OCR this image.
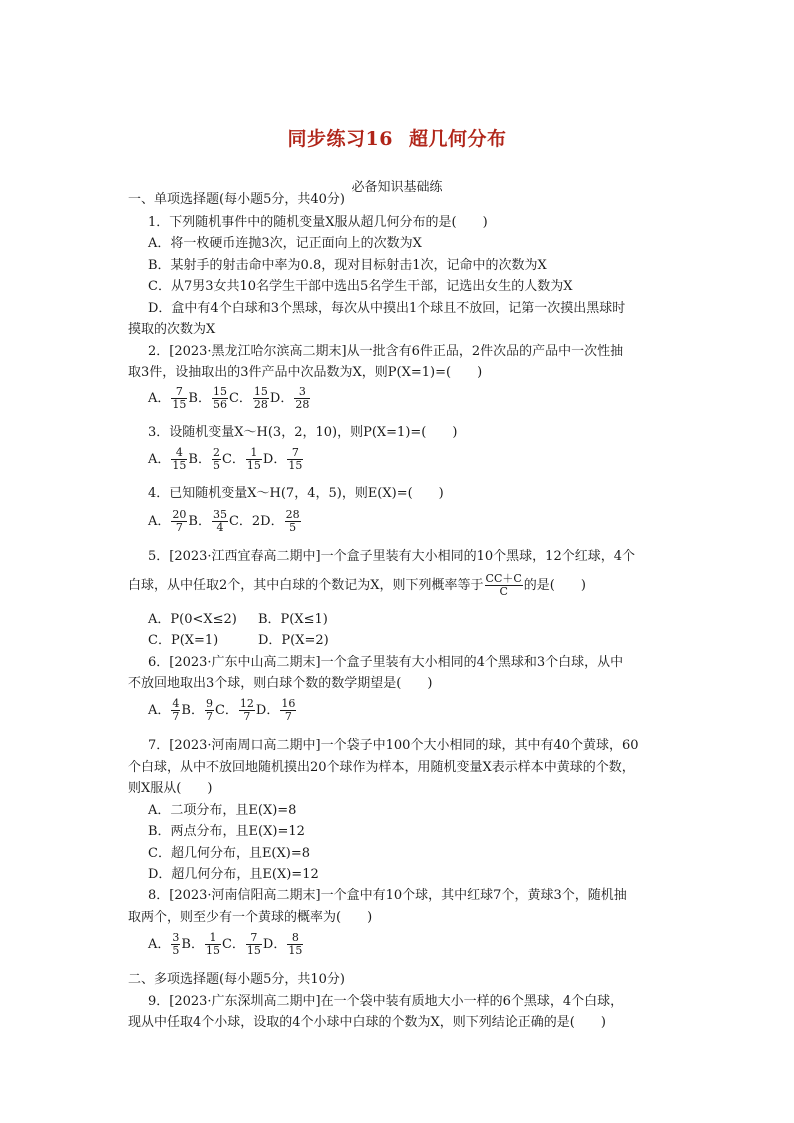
同步练习16 超几何分布
必备知识基础练
一、单项选择题(每小题5分，共40分)
1．下列随机事件中的随机变量X服从超几何分布的是(　　)
A．将一枚硬币连抛3次，记正面向上的次数为X
B．某射手的射击命中率为0.8，现对目标射击1次，记命中的次数为X
C．从7男3女共10名学生干部中选出5名学生干部，记选出女生的人数为X
D．盒中有4个白球和3个黑球，每次从中摸出1个球且不放回，记第一次摸出黑球时
摸取的次数为X
2．[2023·黑龙江哈尔滨高二期末]从一批含有6件正品，2件次品的产品中一次性抽
取3件，设抽取出的3件产品中次品数为X，则P(X=1)=(　　)
A． $\frac{7}{15}$ B． $\frac{15}{56}$ C． $\frac{15}{28}$ D． $\frac{3}{28}$
3．设随机变量X～H(3，2，10)，则P(X=1)=(　　)
A． $\frac{4}{15}$ B． $\frac{2}{5}$ C． $\frac{1}{15}$ D． $\frac{7}{15}$
4．已知随机变量X～H(7，4，5)，则E(X)=(　　)
A． $\frac{20}{7}$ B． $\frac{35}{4}$ C．2D． $\frac{28}{5}$
5．[2023·江西宜春高二期中]一个盒子里装有大小相同的10个黑球，12个红球，4个
白球，从中任取2个，其中白球的个数记为X，则下列概率等于 $\frac{CC+C}{C}$ 的是(　　)
A．P(0<X≤2) B．P(X≤1)
C．P(X=1)	D．P(X=2)
6．[2023·广东中山高二期末]一个盒子里装有大小相同的4个黑球和3个白球，从中
不放回地取出3个球，则白球个数的数学期望是(　　)
A． $\frac{4}{7}$ B． $\frac{9}{7}$ C． $\frac{12}{7}$ D． $\frac{16}{7}$
7．[2023·河南周口高二期中]一个袋子中100个大小相同的球，其中有40个黄球，60
个白球，从中不放回地随机摸出20个球作为样本，用随机变量X表示样本中黄球的个数，
则X服从(　　)
A．二项分布，且E(X)=8
B．两点分布，且E(X)=12
C．超几何分布，且E(X)=8
D．超几何分布，且E(X)=12
8．[2023·河南信阳高二期末]一个盒中有10个球，其中红球7个，黄球3个，随机抽
取两个，则至少有一个黄球的概率为(　　)
A． $\frac{3}{5}$ B． $\frac{1}{15}$ C． $\frac{7}{15}$ D． $\frac{8}{15}$
二、多项选择题(每小题5分，共10分)
9．[2023·广东深圳高二期中]在一个袋中装有质地大小一样的6个黑球，4个白球，
现从中任取4个小球，设取的4个小球中白球的个数为X，则下列结论正确的是(　　)
